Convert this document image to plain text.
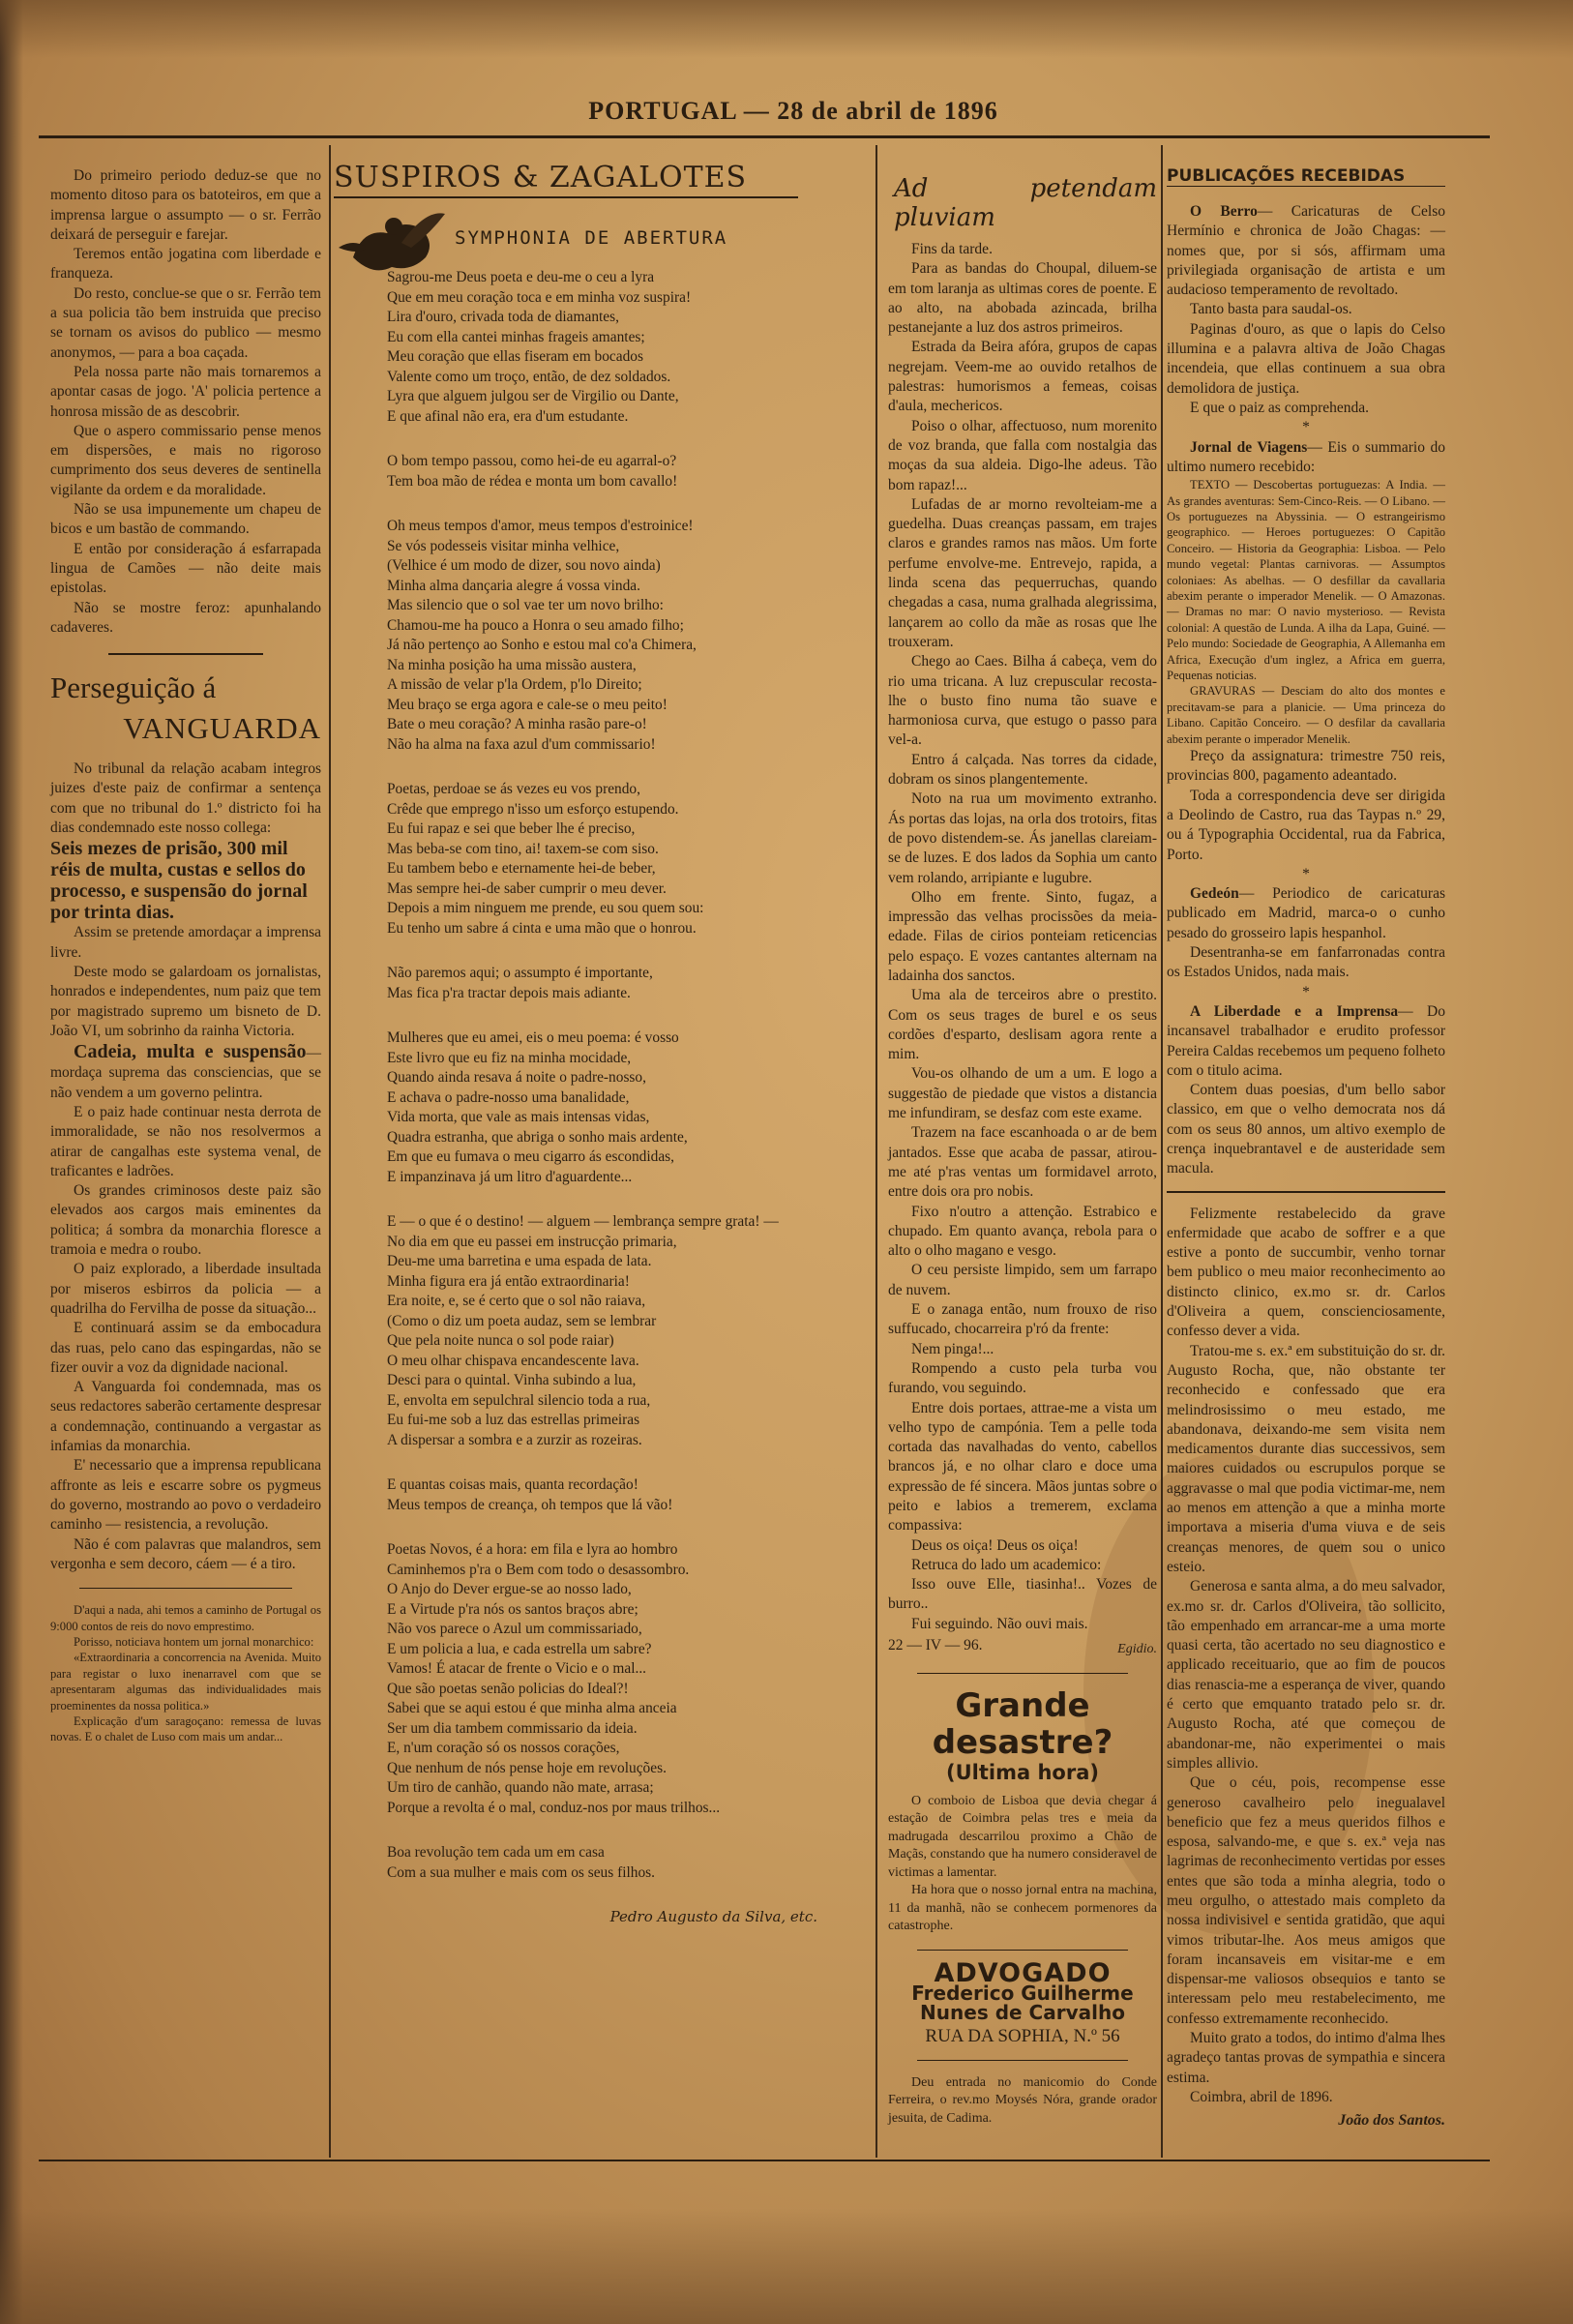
PORTUGAL — 28 de abril de 1896

Do primeiro periodo deduz-se que no momento ditoso para os batoteiros, em que a imprensa largue o assumpto — o sr. Ferrão deixará de perseguir e farejar.

Teremos então jogatina com liberdade e franqueza.

Do resto, conclue-se que o sr. Ferrão tem a sua policia tão bem instruida que preciso se tornam os avisos do publico — mesmo anonymos, — para a boa caçada.

Pela nossa parte não mais tornaremos a apontar casas de jogo. 'A' policia pertence a honrosa missão de as descobrir.

Que o aspero commissario pense menos em dispersões, e mais no rigoroso cumprimento dos seus deveres de sentinella vigilante da ordem e da moralidade.

Não se usa impunemente um chapeu de bicos e um bastão de commando.

E então por consideração á esfarrapada lingua de Camões — não deite mais epistolas.

Não se mostre feroz: apunhalando cadaveres.

Perseguição á
VANGUARDA

No tribunal da relação acabam integros juizes d'este paiz de confirmar a sentença com que no tribunal do 1.º districto foi ha dias condemnado este nosso collega:

Seis mezes de prisão, 300 mil réis de multa, custas e sellos do processo, e suspensão do jornal por trinta dias.

Assim se pretende amordaçar a imprensa livre.

Deste modo se galardoam os jornalistas, honrados e independentes, num paiz que tem por magistrado supremo um bisneto de D. João VI, um sobrinho da rainha Victoria.

Cadeia, multa e suspensão— mordaça suprema das consciencias, que se não vendem a um governo pelintra.

E o paiz hade continuar nesta derrota de immoralidade, se não nos resolvermos a atirar de cangalhas este systema venal, de traficantes e ladrões.

Os grandes criminosos deste paiz são elevados aos cargos mais eminentes da politica; á sombra da monarchia floresce a tramoia e medra o roubo.

O paiz explorado, a liberdade insultada por miseros esbirros da policia — a quadrilha do Fervilha de posse da situação...

E continuará assim se da embocadura das ruas, pelo cano das espingardas, não se fizer ouvir a voz da dignidade nacional.

A Vanguarda foi condemnada, mas os seus redactores saberão certamente despresar a condemnação, continuando a vergastar as infamias da monarchia.

E' necessario que a imprensa republicana affronte as leis e escarre sobre os pygmeus do governo, mostrando ao povo o verdadeiro caminho — resistencia, a revolução.

Não é com palavras que malandros, sem vergonha e sem decoro, cáem — é a tiro.

D'aqui a nada, ahi temos a caminho de Portugal os 9:000 contos de reis do novo emprestimo.

Porisso, noticiava hontem um jornal monarchico:

«Extraordinaria a concorrencia na Avenida. Muito para registar o luxo inenarravel com que se apresentaram algumas das individualidades mais proeminentes da nossa politica.»

Explicação d'um saragoçano: remessa de luvas novas. E o chalet de Luso com mais um andar...

SUSPIROS & ZAGALOTES
SYMPHONIA DE ABERTURA
Sagrou-me Deus poeta e deu-me o ceu a lyra
Que em meu coração toca e em minha voz suspira!
Lira d'ouro, crivada toda de diamantes,
Eu com ella cantei minhas frageis amantes;
Meu coração que ellas fiseram em bocados
Valente como um troço, então, de dez soldados.
Lyra que alguem julgou ser de Virgilio ou Dante,
E que afinal não era, era d'um estudante.
O bom tempo passou, como hei-de eu agarral-o?
Tem boa mão de rédea e monta um bom cavallo!
Oh meus tempos d'amor, meus tempos d'estroinice!
Se vós podesseis visitar minha velhice,
(Velhice é um modo de dizer, sou novo ainda)
Minha alma dançaria alegre á vossa vinda.
Mas silencio que o sol vae ter um novo brilho:
Chamou-me ha pouco a Honra o seu amado filho;
Já não pertenço ao Sonho e estou mal co'a Chimera,
Na minha posição ha uma missão austera,
A missão de velar p'la Ordem, p'lo Direito;
Meu braço se erga agora e cale-se o meu peito!
Bate o meu coração? A minha rasão pare-o!
Não ha alma na faxa azul d'um commissario!
Poetas, perdoae se ás vezes eu vos prendo,
Crêde que emprego n'isso um esforço estupendo.
Eu fui rapaz e sei que beber lhe é preciso,
Mas beba-se com tino, ai! taxem-se com siso.
Eu tambem bebo e eternamente hei-de beber,
Mas sempre hei-de saber cumprir o meu dever.
Depois a mim ninguem me prende, eu sou quem sou:
Eu tenho um sabre á cinta e uma mão que o honrou.
Não paremos aqui; o assumpto é importante,
Mas fica p'ra tractar depois mais adiante.
Mulheres que eu amei, eis o meu poema: é vosso
Este livro que eu fiz na minha mocidade,
Quando ainda resava á noite o padre-nosso,
E achava o padre-nosso uma banalidade,
Vida morta, que vale as mais intensas vidas,
Quadra estranha, que abriga o sonho mais ardente,
Em que eu fumava o meu cigarro ás escondidas,
E impanzinava já um litro d'aguardente...
E — o que é o destino! — alguem — lembrança sempre grata! —
No dia em que eu passei em instrucção primaria,
Deu-me uma barretina e uma espada de lata.
Minha figura era já então extraordinaria!
Era noite, e, se é certo que o sol não raiava,
(Como o diz um poeta audaz, sem se lembrar
Que pela noite nunca o sol pode raiar)
O meu olhar chispava encandescente lava.
Desci para o quintal. Vinha subindo a lua,
E, envolta em sepulchral silencio toda a rua,
Eu fui-me sob a luz das estrellas primeiras
A dispersar a sombra e a zurzir as rozeiras.
E quantas coisas mais, quanta recordação!
Meus tempos de creança, oh tempos que lá vão!
Poetas Novos, é a hora: em fila e lyra ao hombro
Caminhemos p'ra o Bem com todo o desassombro.
O Anjo do Dever ergue-se ao nosso lado,
E a Virtude p'ra nós os santos braços abre;
Não vos parece o Azul um commissariado,
E um policia a lua, e cada estrella um sabre?
Vamos! É atacar de frente o Vicio e o mal...
Que são poetas senão policias do Ideal?!
Sabei que se aqui estou é que minha alma anceia
Ser um dia tambem commissario da ideia.
E, n'um coração só os nossos corações,
Que nenhum de nós pense hoje em revoluções.
Um tiro de canhão, quando não mate, arrasa;
Porque a revolta é o mal, conduz-nos por maus trilhos...
Boa revolução tem cada um em casa
Com a sua mulher e mais com os seus filhos.
Pedro Augusto da Silva, etc.
Ad petendam pluviam

Fins da tarde.

Para as bandas do Choupal, diluem-se em tom laranja as ultimas cores de poente. E ao alto, na abobada azincada, brilha pestanejante a luz dos astros primeiros.

Estrada da Beira afóra, grupos de capas negrejam. Veem-me ao ouvido retalhos de palestras: humorismos a femeas, coisas d'aula, mechericos.

Poiso o olhar, affectuoso, num morenito de voz branda, que falla com nostalgia das moças da sua aldeia. Digo-lhe adeus. Tão bom rapaz!...

Lufadas de ar morno revolteiam-me a guedelha. Duas creanças passam, em trajes claros e grandes ramos nas mãos. Um forte perfume envolve-me. Entrevejo, rapida, a linda scena das pequerruchas, quando chegadas a casa, numa gralhada alegrissima, lançarem ao collo da mãe as rosas que lhe trouxeram.

Chego ao Caes. Bilha á cabeça, vem do rio uma tricana. A luz crepuscular recosta-lhe o busto fino numa tão suave e harmoniosa curva, que estugo o passo para vel-a.

Entro á calçada. Nas torres da cidade, dobram os sinos plangentemente.

Noto na rua um movimento extranho. Ás portas das lojas, na orla dos trotoirs, fitas de povo distendem-se. Ás janellas clareiam-se de luzes. E dos lados da Sophia um canto vem rolando, arripiante e lugubre.

Olho em frente. Sinto, fugaz, a impressão das velhas procissões da meia-edade. Filas de cirios ponteiam reticencias pelo espaço. E vozes cantantes alternam na ladainha dos sanctos.

Uma ala de terceiros abre o prestito. Com os seus trages de burel e os seus cordões d'esparto, deslisam agora rente a mim.

Vou-os olhando de um a um. E logo a suggestão de piedade que vistos a distancia me infundiram, se desfaz com este exame.

Trazem na face escanhoada o ar de bem jantados. Esse que acaba de passar, atirou-me até p'ras ventas um formidavel arroto, entre dois ora pro nobis.

Fixo n'outro a attenção. Estrabico e chupado. Em quanto avança, rebola para o alto o olho magano e vesgo.

O ceu persiste limpido, sem um farrapo de nuvem.

E o zanaga então, num frouxo de riso suffucado, chocarreira p'ró da frente:

Nem pinga!...

Rompendo a custo pela turba vou furando, vou seguindo.

Entre dois portaes, attrae-me a vista um velho typo de campónia. Tem a pelle toda cortada das navalhadas do vento, cabellos brancos já, e no olhar claro e doce uma expressão de fé sincera. Mãos juntas sobre o peito e labios a tremerem, exclama compassiva:

Deus os oiça! Deus os oiça!

Retruca do lado um academico:

Isso ouve Elle, tiasinha!.. Vozes de burro..

Fui seguindo. Não ouvi mais.

22 — IV — 96.	Egidio.
Grande desastre?
(Ultima hora)

O comboio de Lisboa que devia chegar á estação de Coimbra pelas tres e meia da madrugada descarrilou proximo a Chão de Maçãs, constando que ha numero consideravel de victimas a lamentar.

Ha hora que o nosso jornal entra na machina, 11 da manhã, não se conhecem pormenores da catastrophe.

ADVOGADO
Frederico Guilherme Nunes de Carvalho
RUA DA SOPHIA, N.º 56

Deu entrada no manicomio do Conde Ferreira, o rev.mo Moysés Nóra, grande orador jesuita, de Cadima.

PUBLICAÇÕES RECEBIDAS

O Berro— Caricaturas de Celso Hermínio e chronica de João Chagas: — nomes que, por si sós, affirmam uma privilegiada organisação de artista e um audacioso temperamento de revoltado.

Tanto basta para saudal-os.

Paginas d'ouro, as que o lapis do Celso illumina e a palavra altiva de João Chagas incendeia, que ellas continuem a sua obra demolidora de justiça.

E que o paiz as comprehenda.

*

Jornal de Viagens— Eis o summario do ultimo numero recebido:

TEXTO — Descobertas portuguezas: A India. — As grandes aventuras: Sem-Cinco-Reis. — O Libano. — Os portuguezes na Abyssinia. — O estrangeirismo geographico. — Heroes portuguezes: O Capitão Conceiro. — Historia da Geographia: Lisboa. — Pelo mundo vegetal: Plantas carnivoras. — Assumptos coloniaes: As abelhas. — O desfillar da cavallaria abexim perante o imperador Menelik. — O Amazonas. — Dramas no mar: O navio mysterioso. — Revista colonial: A questão de Lunda. A ilha da Lapa, Guiné. — Pelo mundo: Sociedade de Geographia, A Allemanha em Africa, Execução d'um inglez, a Africa em guerra, Pequenas noticias.

GRAVURAS — Desciam do alto dos montes e precitavam-se para a planicie. — Uma princeza do Libano. Capitão Conceiro. — O desfilar da cavallaria abexim perante o imperador Menelik.

Preço da assignatura: trimestre 750 reis, provincias 800, pagamento adeantado.

Toda a correspondencia deve ser dirigida a Deolindo de Castro, rua das Taypas n.º 29, ou á Typographia Occidental, rua da Fabrica, Porto.

*

Gedeón— Periodico de caricaturas publicado em Madrid, marca-o o cunho pesado do grosseiro lapis hespanhol.

Desentranha-se em fanfarronadas contra os Estados Unidos, nada mais.

*

A Liberdade e a Imprensa— Do incansavel trabalhador e erudito professor Pereira Caldas recebemos um pequeno folheto com o titulo acima.

Contem duas poesias, d'um bello sabor classico, em que o velho democrata nos dá com os seus 80 annos, um altivo exemplo de crença inquebrantavel e de austeridade sem macula.

Felizmente restabelecido da grave enfermidade que acabo de soffrer e a que estive a ponto de succumbir, venho tornar bem publico o meu maior reconhecimento ao distincto clinico, ex.mo sr. dr. Carlos d'Oliveira a quem, conscienciosamente, confesso dever a vida.

Tratou-me s. ex.ª em substituição do sr. dr. Augusto Rocha, que, não obstante ter reconhecido e confessado que era melindrosissimo o meu estado, me abandonava, deixando-me sem visita nem medicamentos durante dias successivos, sem maiores cuidados ou escrupulos porque se aggravasse o mal que podia victimar-me, nem ao menos em attenção a que a minha morte importava a miseria d'uma viuva e de seis creanças menores, de quem sou o unico esteio.

Generosa e santa alma, a do meu salvador, ex.mo sr. dr. Carlos d'Oliveira, tão sollicito, tão empenhado em arrancar-me a uma morte quasi certa, tão acertado no seu diagnostico e applicado receituario, que ao fim de poucos dias renascia-me a esperança de viver, quando é certo que emquanto tratado pelo sr. dr. Augusto Rocha, até que começou de abandonar-me, não experimentei o mais simples allivio.

Que o céu, pois, recompense esse generoso cavalheiro pelo inegualavel beneficio que fez a meus queridos filhos e esposa, salvando-me, e que s. ex.ª veja nas lagrimas de reconhecimento vertidas por esses entes que são toda a minha alegria, todo o meu orgulho, o attestado mais completo da nossa indivisivel e sentida gratidão, que aqui vimos tributar-lhe. Aos meus amigos que foram incansaveis em visitar-me e em dispensar-me valiosos obsequios e tanto se interessam pelo meu restabelecimento, me confesso extremamente reconhecido.

Muito grato a todos, do intimo d'alma lhes agradeço tantas provas de sympathia e sincera estima.

Coimbra, abril de 1896.

João dos Santos.
